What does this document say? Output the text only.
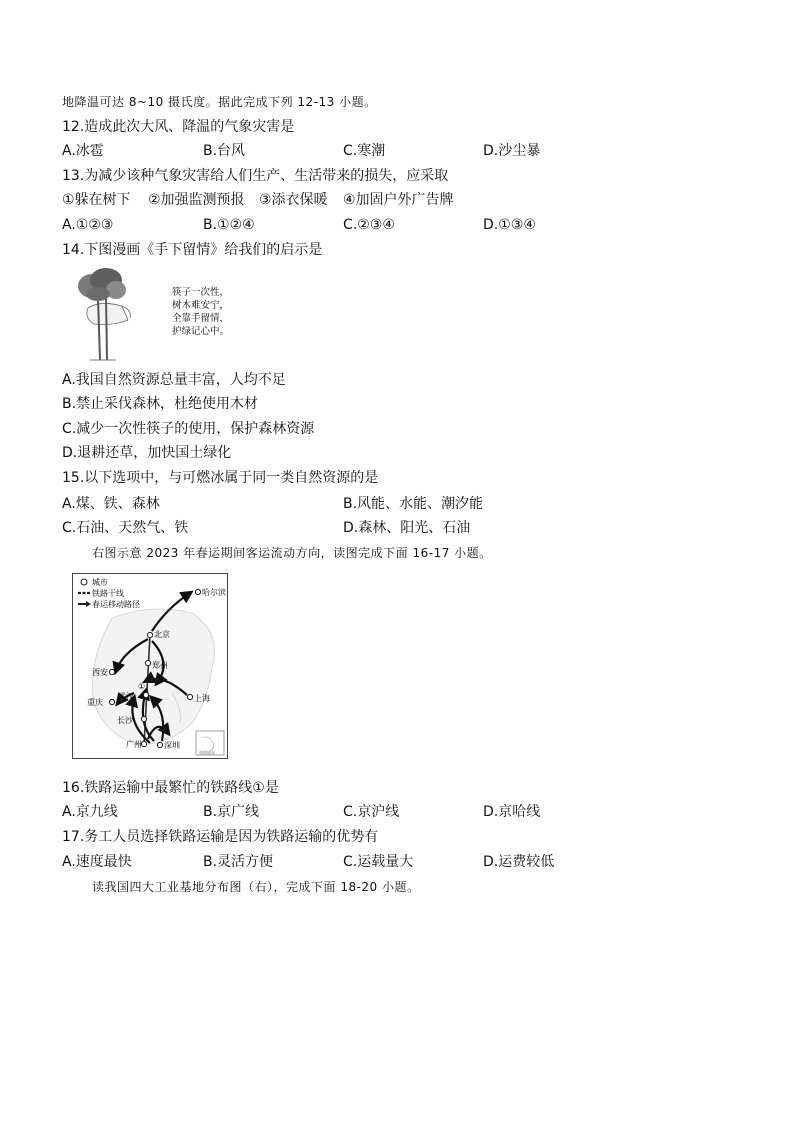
地降温可达 8~10 摄氏度。据此完成下列 12-13 小题。
12.造成此次大风、降温的气象灾害是
A.冰雹	B.台风	C.寒潮	D.沙尘暴
13.为减少该种气象灾害给人们生产、生活带来的损失，应采取
①躲在树下 ②加强监测预报 ③添衣保暖 ④加固户外广告牌
A.①②③	B.①②④	C.②③④	D.①③④
14.下图漫画《手下留情》给我们的启示是
筷子一次性，
树木难安宁，
全靠手留情，
护绿记心中。
A.我国自然资源总量丰富，人均不足
B.禁止采伐森林，杜绝使用木材
C.减少一次性筷子的使用，保护森林资源
D.退耕还草，加快国土绿化
15.以下选项中，与可燃冰属于同一类自然资源的是
A.煤、铁、森林	B.风能、水能、潮汐能
C.石油、天然气、铁	D.森林、阳光、石油
右图示意 2023 年春运期间客运流动方向，读图完成下面 16-17 小题。
城市
铁路干线
春运移动路径
哈尔滨
北京
郑州
西安
上海
武汉
重庆
长沙
广州	深圳
①
南海诸岛
16.铁路运输中最繁忙的铁路线①是
A.京九线	B.京广线	C.京沪线	D.京哈线
17.务工人员选择铁路运输是因为铁路运输的优势有
A.速度最快	B.灵活方便	C.运载量大	D.运费较低
读我国四大工业基地分布图（右），完成下面 18-20 小题。
